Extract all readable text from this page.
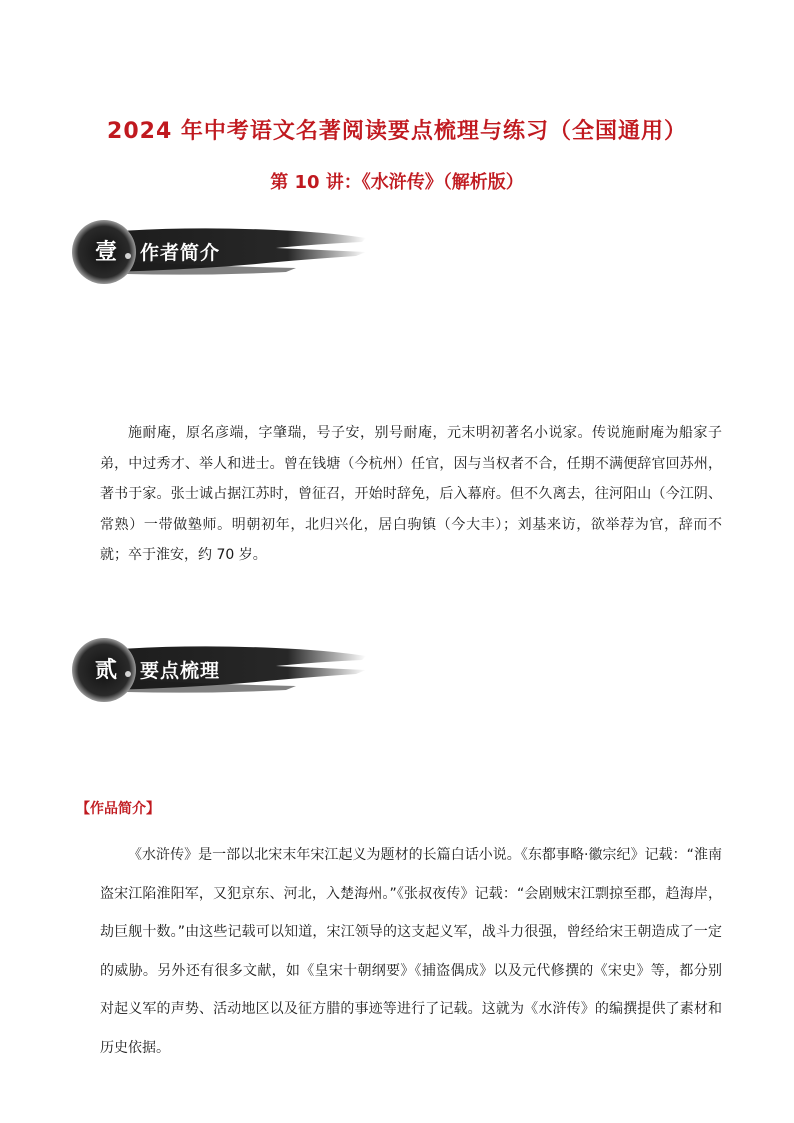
2024 年中考语文名著阅读要点梳理与练习（全国通用）
第 10 讲：《水浒传》（解析版）
壹	作者简介

施耐庵，原名彦端，字肇瑞，号子安，别号耐庵，元末明初著名小说家。传说施耐庵为船家子弟，中过秀才、举人和进士。曾在钱塘（今杭州）任官，因与当权者不合，任期不满便辞官回苏州，著书于家。张士诚占据江苏时，曾征召，开始时辞免，后入幕府。但不久离去，往河阳山（今江阴、常熟）一带做塾师。明朝初年，北归兴化，居白驹镇（今大丰）；刘基来访，欲举荐为官，辞而不就；卒于淮安，约 70 岁。

贰	要点梳理
【作品简介】

《水浒传》是一部以北宋末年宋江起义为题材的长篇白话小说。《东都事略·徽宗纪》记载：“淮南盗宋江陷淮阳军，又犯京东、河北，入楚海州。”《张叔夜传》记载：“会剧贼宋江剽掠至郡，趋海岸，劫巨舰十数。”由这些记载可以知道，宋江领导的这支起义军，战斗力很强，曾经给宋王朝造成了一定的威胁。另外还有很多文献，如《皇宋十朝纲要》《捕盗偶成》以及元代修撰的《宋史》等，都分别对起义军的声势、活动地区以及征方腊的事迹等进行了记载。这就为《水浒传》的编撰提供了素材和历史依据。
